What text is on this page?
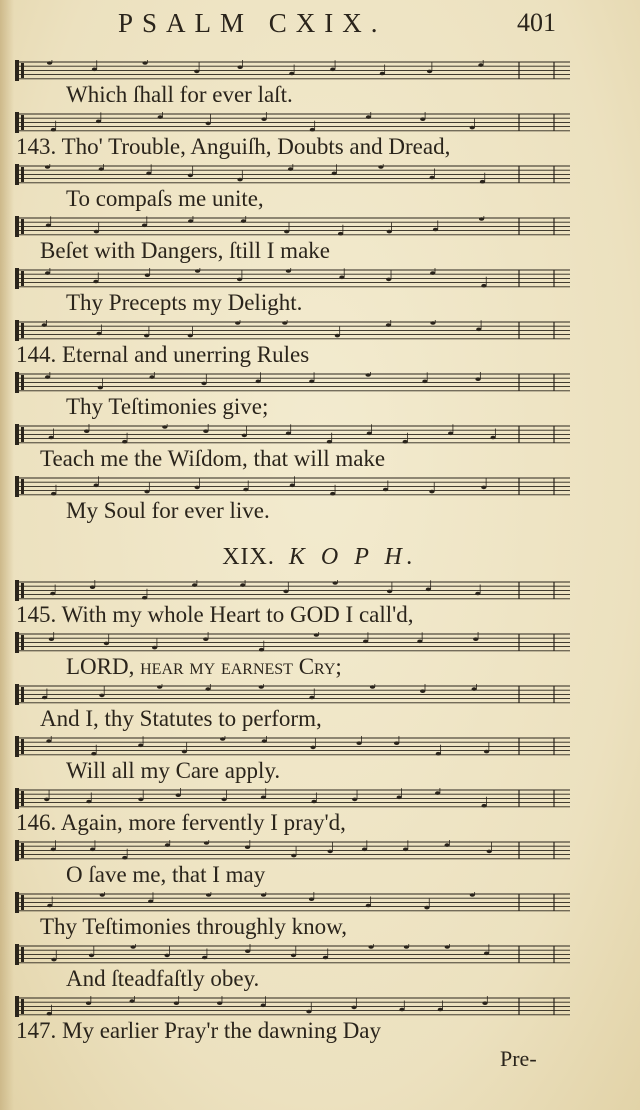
PSALM CXIX.	401
Which ſhall for ever laſt.
143. Tho' Trouble, Anguiſh, Doubts and Dread,
To compaſs me unite,
Beſet with Dangers, ſtill I make
Thy Precepts my Delight.
144. Eternal and unerring Rules
Thy Teſtimonies give;
Teach me the Wiſdom, that will make
My Soul for ever live.
XIX. K O P H.
145. With my whole Heart to GOD I call'd,
LORD, hear my earneſt Cry;
And I, thy Statutes to perform,
Will all my Care apply.
146. Again, more fervently I pray'd,
O ſave me, that I may
Thy Teſtimonies throughly know,
And ſteadfaſtly obey.
147. My earlier Pray'r the dawning Day
Pre-
